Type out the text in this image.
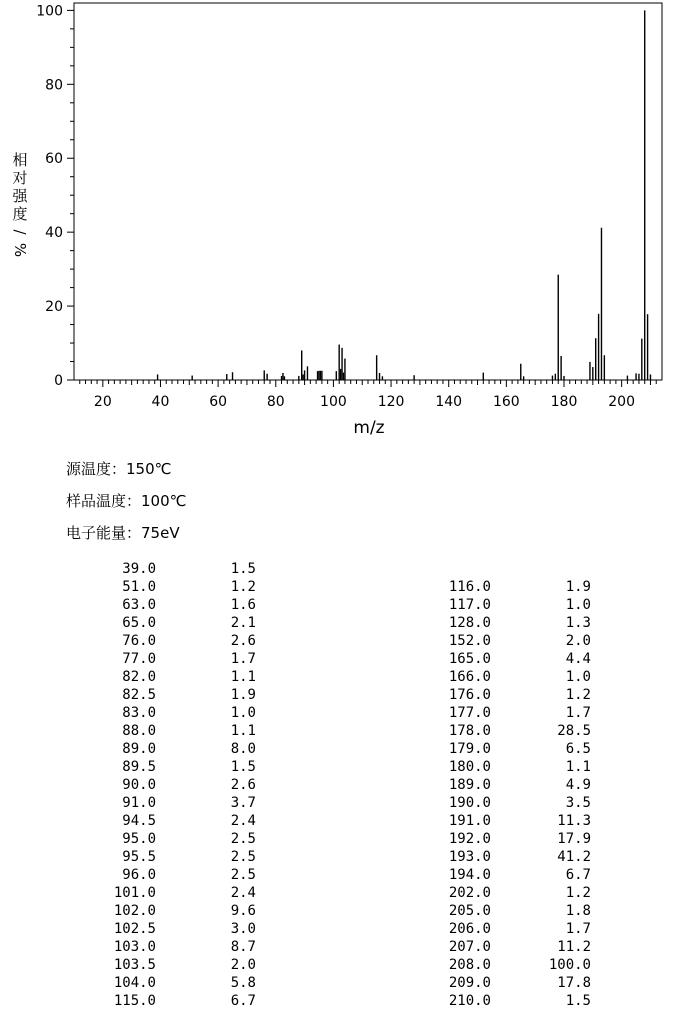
0
20
40
60
80
100
20	40	60	80	100 120 140 160 180 200
m/z
相
对
强
度
/
%
源温度：150℃
样品温度：100℃
电子能量：75eV
39.0	1.5
51.0	1.2
63.0	1.6
65.0	2.1
76.0	2.6
77.0	1.7
82.0	1.1
82.5	1.9
83.0	1.0
88.0	1.1
89.0	8.0
89.5	1.5
90.0	2.6
91.0	3.7
94.5	2.4
95.0	2.5
95.5	2.5
96.0	2.5
101.0	2.4
102.0	9.6
102.5	3.0
103.0	8.7
103.5	2.0
104.0	5.8
115.0	6.7
116.0	1.9
117.0	1.0
128.0	1.3
152.0	2.0
165.0	4.4
166.0	1.0
176.0	1.2
177.0	1.7
178.0	28.5
179.0	6.5
180.0	1.1
189.0	4.9
190.0	3.5
191.0	11.3
192.0	17.9
193.0	41.2
194.0	6.7
202.0	1.2
205.0	1.8
206.0	1.7
207.0	11.2
208.0	100.0
209.0	17.8
210.0	1.5
